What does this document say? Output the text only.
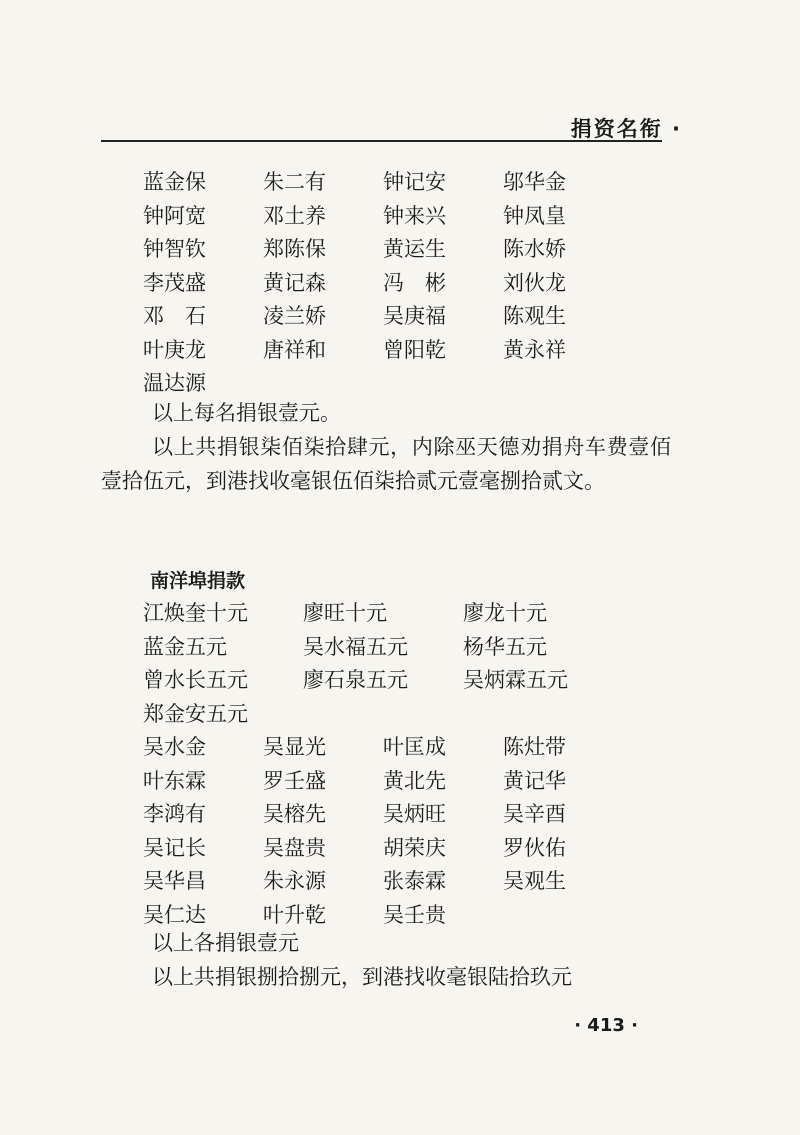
捐资名衔 ·
蓝金保	朱二有	钟记安	邬华金
钟阿宽	邓土养	钟来兴	钟凤皇
钟智钦	郑陈保	黄运生	陈水娇
李茂盛	黄记森	冯　彬	刘伙龙
邓　石	凌兰娇	吴庚福	陈观生
叶庚龙	唐祥和	曾阳乾	黄永祥
温达源
以上每名捐银壹元。
以上共捐银柒佰柒拾肆元，内除巫天德劝捐舟车费壹佰壹拾伍元，到港找收毫银伍佰柒拾贰元壹毫捌拾贰文。
南洋埠捐款
江焕奎十元	廖旺十元	廖龙十元
蓝金五元	吴水福五元	杨华五元
曾水长五元	廖石泉五元	吴炳霖五元
郑金安五元
吴水金	吴显光	叶匡成	陈灶带
叶东霖	罗壬盛	黄北先	黄记华
李鸿有	吴榕先	吴炳旺	吴辛酉
吴记长	吴盘贵	胡荣庆	罗伙佑
吴华昌	朱永源	张泰霖	吴观生
吴仁达	叶升乾	吴壬贵
以上各捐银壹元
以上共捐银捌拾捌元，到港找收毫银陆拾玖元
· 413 ·
